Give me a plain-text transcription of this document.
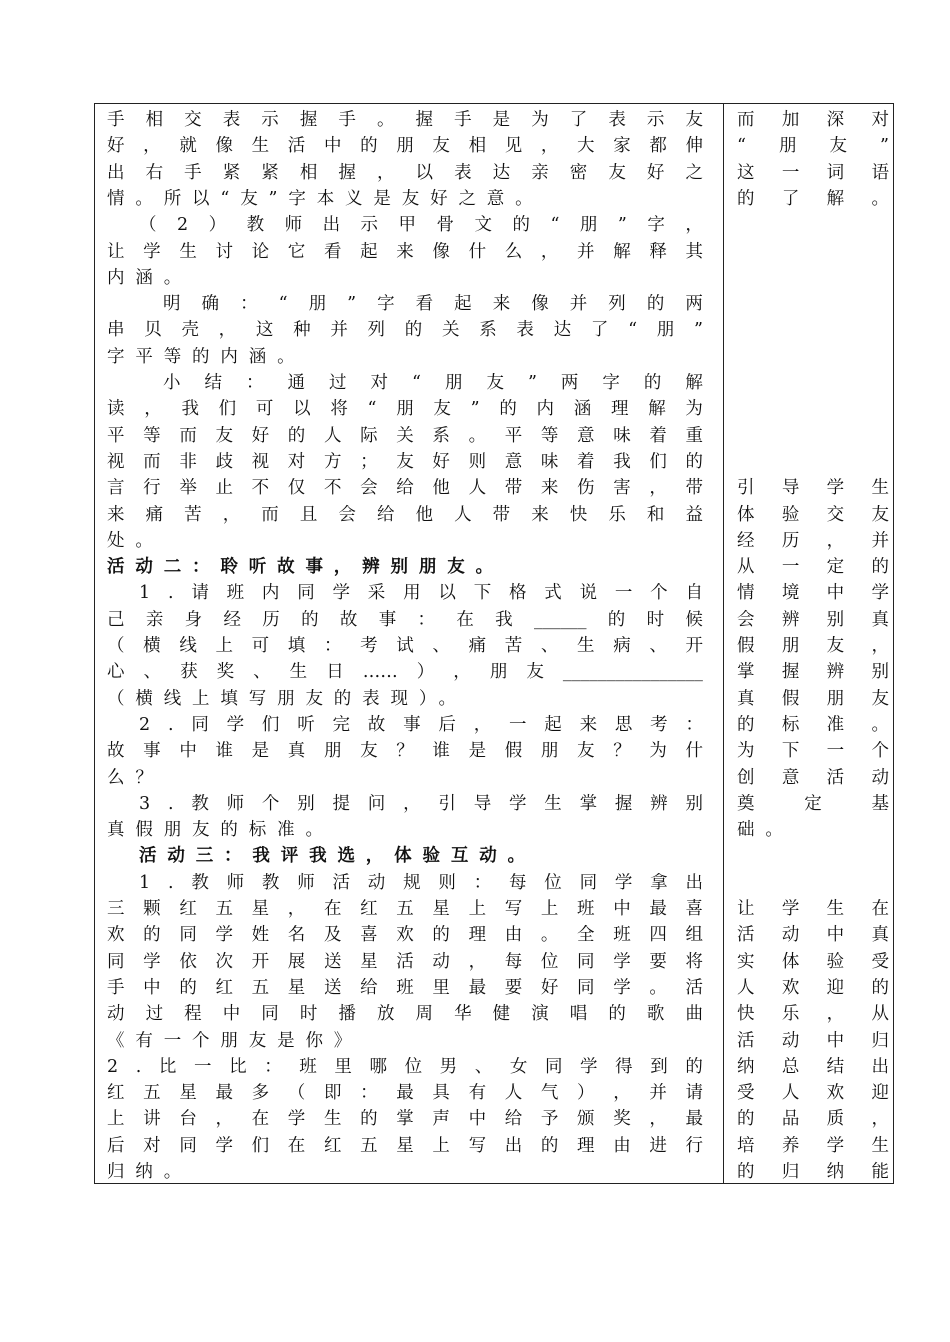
手 相 交 表 示 握 手 。 握 手 是 为 了 表 示 友
好 ， 就 像 生 活 中 的 朋 友 相 见 ， 大 家 都 伸
出 右 手 紧 紧 相 握 ， 以 表 达 亲 密 友 好 之
情。所以“友”字本义是友好之意。
（ 2 ） 教 师 出 示 甲 骨 文 的 “ 朋 ” 字 ，
让 学 生 讨 论 它 看 起 来 像 什 么 ， 并 解 释 其
内涵。
明 确 ： “ 朋 ” 字 看 起 来 像 并 列 的 两
串 贝 壳 ， 这 种 并 列 的 关 系 表 达 了 “ 朋 ”
字平等的内涵。
小 结 ： 通 过 对 “ 朋 友 ” 两 字 的 解
读 ， 我 们 可 以 将 “ 朋 友 ” 的 内 涵 理 解 为
平 等 而 友 好 的 人 际 关 系 。 平 等 意 味 着 重
视 而 非 歧 视 对 方 ； 友 好 则 意 味 着 我 们 的
言 行 举 止 不 仅 不 会 给 他 人 带 来 伤 害 ， 带
来 痛 苦 ， 而 且 会 给 他 人 带 来 快 乐 和 益
处。
活动二：聆听故事，辨别朋友。
1 . 请 班 内 同 学 采 用 以 下 格 式 说 一 个 自
己 亲 身 经 历 的 故 事 ： 在 我 ______ 的 时 候
（ 横 线 上 可 填 ： 考 试 、 痛 苦 、 生 病 、 开
心 、 获 奖 、 生 日 …… ） ， 朋 友 ________________
（横线上填写朋友的表现）。
2 . 同 学 们 听 完 故 事 后 ， 一 起 来 思 考 ：
故 事 中 谁 是 真 朋 友 ？ 谁 是 假 朋 友 ？ 为 什
么？
3 . 教 师 个 别 提 问 ， 引 导 学 生 掌 握 辨 别
真假朋友的标准。
活动三：我评我选，体验互动。
1 . 教 师 教 师 活 动 规 则 ： 每 位 同 学 拿 出
三 颗 红 五 星 ， 在 红 五 星 上 写 上 班 中 最 喜
欢 的 同 学 姓 名 及 喜 欢 的 理 由 。 全 班 四 组
同 学 依 次 开 展 送 星 活 动 ， 每 位 同 学 要 将
手 中 的 红 五 星 送 给 班 里 最 要 好 同 学 。 活
动 过 程 中 同 时 播 放 周 华 健 演 唱 的 歌 曲
《有一个朋友是你》
2 . 比 一 比 ： 班 里 哪 位 男 、 女 同 学 得 到 的
红 五 星 最 多 （ 即 ： 最 具 有 人 气 ） ， 并 请
上 讲 台 ， 在 学 生 的 掌 声 中 给 予 颁 奖 ， 最
后 对 同 学 们 在 红 五 星 上 写 出 的 理 由 进 行
归纳。
而 加 深 对
“ 朋 友 ”
这 一 词 语
的 了 解 。
引 导 学 生
体 验 交 友
经 历 ， 并
从 一 定 的
情 境 中 学
会 辨 别 真
假 朋 友 ，
掌 握 辨 别
真 假 朋 友
的 标 准 。
为 下 一 个
创 意 活 动
奠	定	基
础 。
让 学 生 在
活 动 中 真
实 体 验 受
人 欢 迎 的
快 乐 ， 从
活 动 中 归
纳 总 结 出
受 人 欢 迎
的 品 质 ，
培 养 学 生
的 归 纳 能
